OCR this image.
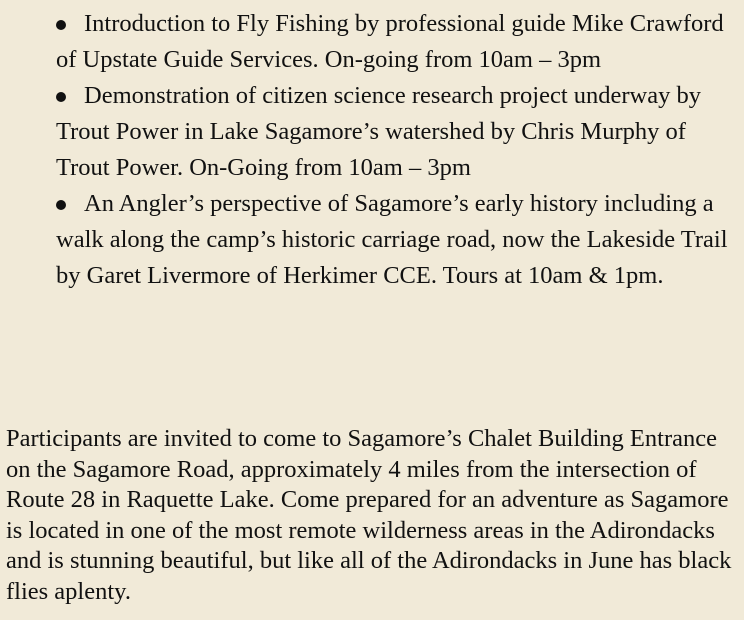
Introduction to Fly Fishing by professional guide Mike Crawford of Upstate Guide Services. On-going from 10am – 3pm
Demonstration of citizen science research project underway by Trout Power in Lake Sagamore’s watershed by Chris Murphy of Trout Power. On-Going from 10am – 3pm
An Angler’s perspective of Sagamore’s early history including a walk along the camp’s historic carriage road, now the Lakeside Trail by Garet Livermore of Herkimer CCE. Tours at 10am & 1pm.

Participants are invited to come to Sagamore’s Chalet Building Entrance on the Sagamore Road, approximately 4 miles from the intersection of Route 28 in Raquette Lake. Come prepared for an adventure as Sagamore is located in one of the most remote wilderness areas in the Adirondacks and is stunning beautiful, but like all of the Adirondacks in June has black flies aplenty.
